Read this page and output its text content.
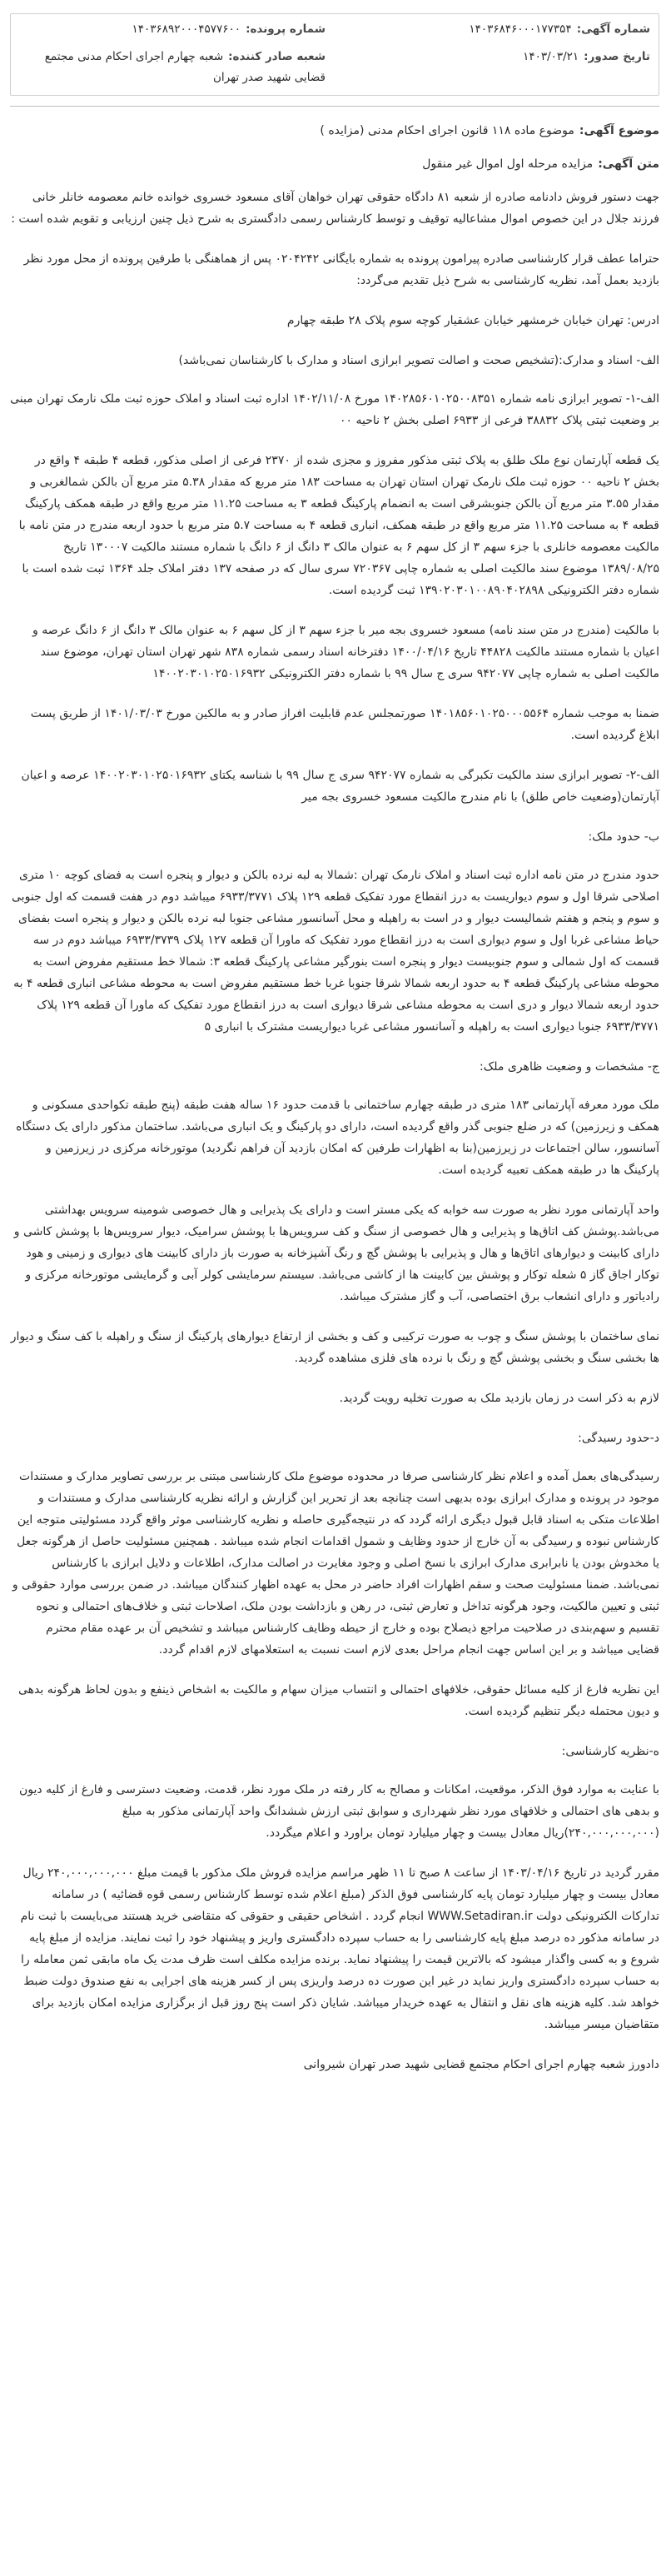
شماره آگهی:۱۴۰۳۶۸۴۶۰۰۰۱۷۷۳۵۴
شماره پرونده:۱۴۰۳۶۸۹۲۰۰۰۴۵۷۷۶۰۰
تاریخ صدور:۱۴۰۳/۰۳/۲۱
شعبه صادر کننده:شعبه چهارم اجرای احکام مدنی مجتمع قضایی شهید صدر تهران
موضوع آگهی:موضوع ماده ۱۱۸ قانون اجرای احکام مدنی (مزایده )
متن آگهی:مزایده مرحله اول اموال غیر منقول

جهت دستور فروش دادنامه صادره از شعبه ۸۱ دادگاه حقوقی تهران خواهان آقای مسعود خسروی خوانده خانم معصومه خانلر خانی فرزند جلال در این خصوص اموال مشاعالیه توقیف و توسط کارشناس رسمی دادگستری به شرح ذیل چنین ارزیابی و تقویم شده است :

حتراما عطف قرار کارشناسی صادره پیرامون پرونده به شماره بایگانی ۰۲۰۴۲۴۲ پس از هماهنگی با طرفین پرونده از محل مورد نظر بازدید بعمل آمد، نظریه کارشناسی به شرح ذیل تقدیم می‌گردد:

ادرس: تهران خیابان خرمشهر خیابان عشقیار کوچه سوم پلاک ۲۸ طبقه چهارم

الف- اسناد و مدارک:(تشخیص صحت و اصالت تصویر ابرازی اسناد و مدارک با کارشناسان نمی‌باشد)

الف-۱- تصویر ابرازی نامه شماره ۱۴۰۲۸۵۶۰۱۰۲۵۰۰۸۳۵۱ مورخ ۱۴۰۲/۱۱/۰۸ اداره ثبت اسناد و املاک حوزه ثبت ملک نارمک تهران مبنی بر وضعیت ثبتی پلاک ۳۸۸۳۲ فرعی از ۶۹۳۳ اصلی بخش ۲ ناحیه ۰۰

یک قطعه آپارتمان نوع ملک طلق به پلاک ثبتی مذکور مفروز و مجزی شده از ۲۳۷۰ فرعی از اصلی مذکور، قطعه ۴ طبقه ۴ واقع در بخش ۲ ناحیه ۰۰ حوزه ثبت ملک نارمک تهران استان تهران به مساحت ۱۸۳ متر مربع که مقدار ۵.۳۸ متر مربع آن بالکن شمالغربی و مقدار ۳.۵۵ متر مربع آن بالکن جنوبشرقی است به انضمام پارکینگ قطعه ۳ به مساحت ۱۱.۲۵ متر مربع واقع در طبقه همکف پارکینگ قطعه ۴ به مساحت ۱۱.۲۵ متر مربع واقع در طبقه همکف، انباری قطعه ۴ به مساحت ۵.۷ متر مربع با حدود اربعه مندرج در متن نامه با مالکیت معصومه خانلری با جزء سهم ۳ از کل سهم ۶ به عنوان مالک ۳ دانگ از ۶ دانگ با شماره مستند مالکیت ۱۳۰۰۰۷ تاریخ ۱۳۸۹/۰۸/۲۵ موضوع سند مالکیت اصلی به شماره چاپی ۷۲۰۳۶۷ سری سال که در صفحه ۱۳۷ دفتر املاک جلد ۱۳۶۴ ثبت شده است با شماره دفتر الکترونیکی ۱۳۹۰۲۰۳۰۱۰۰۸۹۰۴۰۲۸۹۸ ثبت گردیده است.

با مالکیت (مندرج در متن سند نامه) مسعود خسروی بجه میر با جزء سهم ۳ از کل سهم ۶ به عنوان مالک ۳ دانگ از ۶ دانگ عرصه و اعیان با شماره مستند مالکیت ۴۴۸۲۸ تاریخ ۱۴۰۰/۰۴/۱۶ دفترخانه اسناد رسمی شماره ۸۳۸ شهر تهران استان تهران، موضوع سند مالکیت اصلی به شماره چاپی ۹۴۲۰۷۷ سری ج سال ۹۹ با شماره دفتر الکترونیکی ۱۴۰۰۲۰۳۰۱۰۲۵۰۱۶۹۳۲

ضمنا به موجب شماره ۱۴۰۱۸۵۶۰۱۰۲۵۰۰۰۵۵۶۴ صورتمجلس عدم قابلیت افراز صادر و به مالکین مورخ ۱۴۰۱/۰۳/۰۳ از طریق پست ابلاغ گردیده است.

الف-۲- تصویر ابرازی سند مالکیت تکبرگی به شماره ۹۴۲۰۷۷ سری ج سال ۹۹ با شناسه یکتای ۱۴۰۰۲۰۳۰۱۰۲۵۰۱۶۹۳۲ عرصه و اعیان آپارتمان(وضعیت خاص طلق) با نام مندرج مالکیت مسعود خسروی بجه میر

ب- حدود ملک:

حدود مندرج در متن نامه اداره ثبت اسناد و املاک نارمک تهران :شمالا به لبه نرده بالکن و دیوار و پنجره است به فضای کوچه ۱۰ متری اصلاحی شرقا اول و سوم دیواریست به درز انقطاع مورد تفکیک قطعه ۱۲۹ پلاک ۶۹۳۳/۳۷۷۱ میباشد دوم در هفت قسمت که اول جنوبی و سوم و پنجم و هفتم شمالیست دیوار و در است به راهپله و محل آسانسور مشاعی جنوبا لبه نرده بالکن و دیوار و پنجره است بفضای حیاط مشاعی غربا اول و سوم دیواری است به درز انقطاع مورد تفکیک که ماورا آن قطعه ۱۲۷ پلاک ۶۹۳۳/۳۷۳۹ میباشد دوم در سه قسمت که اول شمالی و سوم جنوبیست دیوار و پنجره است بنورگیر مشاعی پارکینگ قطعه ۳: شمالا خط مستقیم مفروض است به محوطه مشاعی پارکینگ قطعه ۴ به حدود اربعه شمالا شرقا جنوبا غربا خط مستقیم مفروض است به محوطه مشاعی انباری قطعه ۴ به حدود اربعه شمالا دیوار و دری است به محوطه مشاعی شرقا دیواری است به درز انقطاع مورد تفکیک که ماورا آن قطعه ۱۲۹ پلاک ۶۹۳۳/۳۷۷۱ جنوبا دیواری است به راهپله و آسانسور مشاعی غربا دیواریست مشترک با انباری ۵

ج- مشخصات و وضعیت ظاهری ملک:

ملک مورد معرفه آپارتمانی ۱۸۳ متری در طبقه چهارم ساختمانی با قدمت حدود ۱۶ ساله هفت طبقه (پنج طبقه تکواحدی مسکونی و همکف و زیرزمین) که در ضلع جنوبی گذر واقع گردیده است، دارای دو پارکینگ و یک انباری می‌باشد. ساختمان مذکور دارای یک دستگاه آسانسور، سالن اجتماعات در زیرزمین(بنا به اظهارات طرفین که امکان بازدید آن فراهم نگردید) موتورخانه مرکزی در زیرزمین و پارکینگ ها در طبقه همکف تعبیه گردیده است.

واحد آپارتمانی مورد نظر به صورت سه خوابه که یکی مستر است و دارای یک پذیرایی و هال خصوصی شومینه سرویس بهداشتی می‌باشد.پوشش کف اتاق‌ها و پذیرایی و هال خصوصی از سنگ و کف سرویس‌ها با پوشش سرامیک، دیوار سرویس‌ها با پوشش کاشی و دارای کابینت و دیوارهای اتاق‌ها و هال و پذیرایی با پوشش گچ و رنگ آشپزخانه به صورت باز دارای کابینت های دیواری و زمینی و هود توکار اجاق گاز ۵ شعله توکار و پوشش بین کابینت ها از کاشی می‌باشد. سیستم سرمایشی کولر آبی و گرمایشی موتورخانه مرکزی و رادیاتور و دارای انشعاب برق اختصاصی، آب و گاز مشترک میباشد.

نمای ساختمان با پوشش سنگ و چوب به صورت ترکیبی و کف و بخشی از ارتفاع دیوارهای پارکینگ از سنگ و راهپله با کف سنگ و دیوار ها بخشی سنگ و بخشی پوشش گچ و رنگ با نرده های فلزی مشاهده گردید.

لازم به ذکر است در زمان بازدید ملک به صورت تخلیه رویت گردید.

د-حدود رسیدگی:

رسیدگی‌های بعمل آمده و اعلام نظر کارشناسی صرفا در محدوده موضوع ملک کارشناسی مبتنی بر بررسی تصاویر مدارک و مستندات موجود در پرونده و مدارک ابرازی بوده بدیهی است چنانچه بعد از تحریر این گزارش و ارائه نظریه کارشناسی مدارک و مستندات و اطلاعات متکی به اسناد قابل قبول دیگری ارائه گردد که در نتیجه‌گیری حاصله و نظریه کارشناسی موثر واقع گردد مسئولیتی متوجه این کارشناس نبوده و رسیدگی به آن خارج از حدود وظایف و شمول اقدامات انجام شده میباشد . همچنین مسئولیت حاصل از هرگونه جعل یا مخدوش بودن یا نابرابری مدارک ابرازی با نسخ اصلی و وجود مغایرت در اصالت مدارک، اطلاعات و دلایل ابرازی با کارشناس نمی‌باشد. ضمنا مسئولیت صحت و سقم اظهارات افراد حاضر در محل به عهده اظهار کنندگان میباشد. در ضمن بررسی موارد حقوقی و ثبتی و تعیین مالکیت، وجود هرگونه تداخل و تعارض ثبتی، در رهن و بازداشت بودن ملک، اصلاحات ثبتی و خلاف‌های احتمالی و نحوه تقسیم و سهم‌بندی در صلاحیت مراجع ذیصلاح بوده و خارج از حیطه وظایف کارشناس میباشد و تشخیص آن بر عهده مقام محترم قضایی میباشد و بر این اساس جهت انجام مراحل بعدی لازم است نسبت به استعلامهای لازم اقدام گردد.

این نظریه فارغ از کلیه مسائل حقوقی، خلافهای احتمالی و انتساب میزان سهام و مالکیت به اشخاص ذینفع و بدون لحاظ هرگونه بدهی و دیون محتمله دیگر تنظیم گردیده است.

ه-نظریه کارشناسی:

با عنایت به موارد فوق الذکر، موقعیت، امکانات و مصالح به کار رفته در ملک مورد نظر، قدمت، وضعیت دسترسی و فارغ از کلیه دیون و بدهی های احتمالی و خلافهای مورد نظر شهرداری و سوابق ثبتی ارزش ششدانگ واحد آپارتمانی مذکور به مبلغ (۲۴۰,۰۰۰,۰۰۰,۰۰۰)ریال معادل بیست و چهار میلیارد تومان براورد و اعلام میگردد.

مقرر گردید در تاریخ ۱۴۰۳/۰۴/۱۶ از ساعت ۸ صبح تا ۱۱ ظهر مراسم مزایده فروش ملک مذکور با قیمت مبلغ ۲۴۰,۰۰۰,۰۰۰,۰۰۰ ریال معادل بیست و چهار میلیارد تومان پایه کارشناسی فوق الذکر (مبلغ اعلام شده توسط کارشناس رسمی قوه قضائیه ) در سامانه تدارکات الکترونیکی دولت WWW.Setadiran.ir انجام گردد . اشخاص حقیقی و حقوقی که متقاضی خرید هستند می‌بایست با ثبت نام در سامانه مذکور ده درصد مبلغ پایه کارشناسی را به حساب سپرده دادگستری واریز و پیشنهاد خود را ثبت نمایند. مزایده از مبلغ پایه شروع و به کسی واگذار میشود که بالاترین قیمت را پیشنهاد نماید. برنده مزایده مکلف است ظرف مدت یک ماه مابقی ثمن معامله را به حساب سپرده دادگستری واریز نماید در غیر این صورت ده درصد واریزی پس از کسر هزینه های اجرایی به نفع صندوق دولت ضبط خواهد شد. کلیه هزینه های نقل و انتقال به عهده خریدار میباشد. شایان ذکر است پنج روز قبل از برگزاری مزایده امکان بازدید برای متقاضیان میسر میباشد.

دادورز شعبه چهارم اجرای احکام مجتمع قضایی شهید صدر تهران شیروانی
